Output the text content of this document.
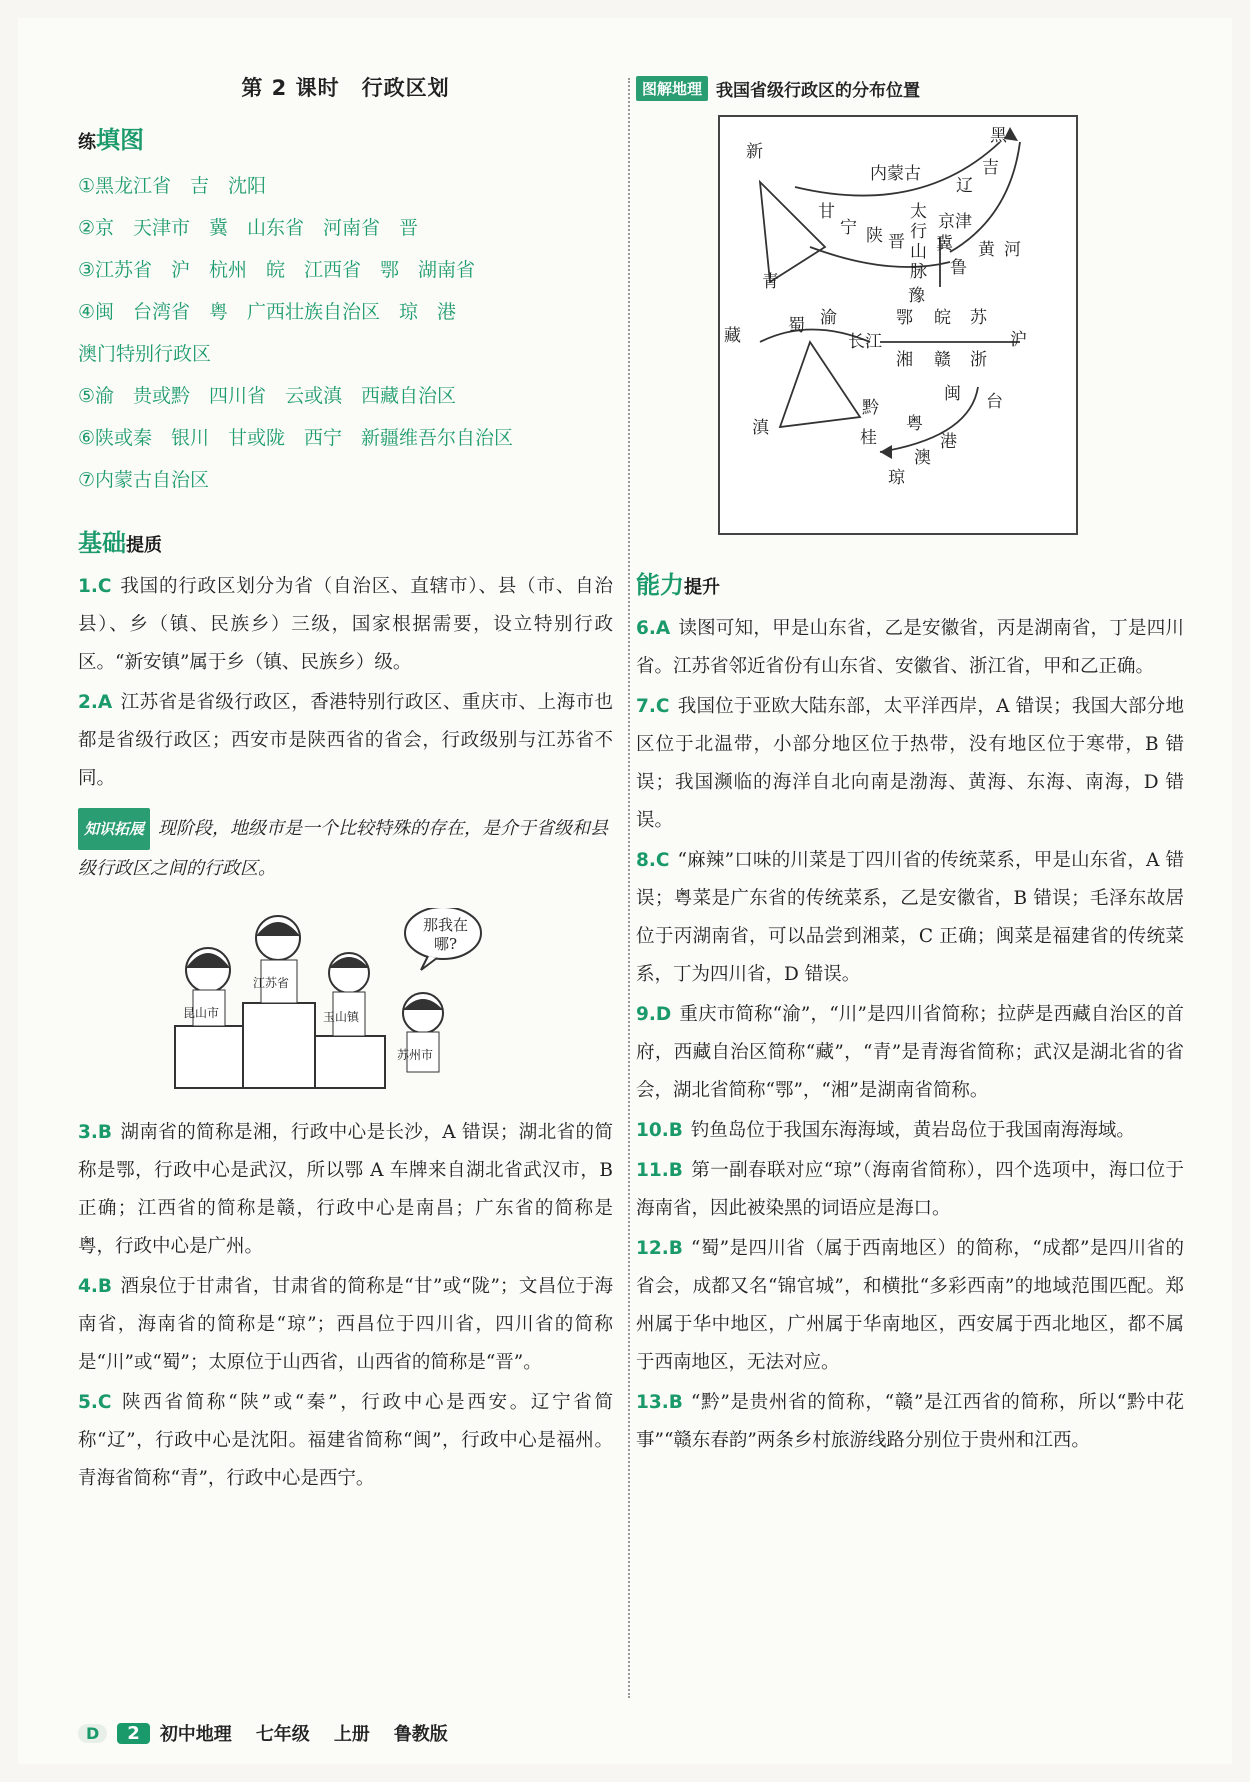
第 2 课时　行政区划
练填图
①黑龙江省　吉　沈阳
②京　天津市　冀　山东省　河南省　晋
③江苏省　沪　杭州　皖　江西省　鄂　湖南省
④闽　台湾省　粤　广西壮族自治区　琼　港
澳门特别行政区
⑤渝　贵或黔　四川省　云或滇　西藏自治区
⑥陕或秦　银川　甘或陇　西宁　新疆维吾尔自治区
⑦内蒙古自治区
基础提质
1.C 我国的行政区划分为省（自治区、直辖市）、县（市、自治县）、乡（镇、民族乡）三级，国家根据需要，设立特别行政区。“新安镇”属于乡（镇、民族乡）级。
2.A 江苏省是省级行政区，香港特别行政区、重庆市、上海市也都是省级行政区；西安市是陕西省的省会，行政级别与江苏省不同。
知识拓展 现阶段，地级市是一个比较特殊的存在，是介于省级和县级行政区之间的行政区。
那我在哪?
昆山市
江苏省
玉山镇
苏州市
3.B 湖南省的简称是湘，行政中心是长沙，A 错误；湖北省的简称是鄂，行政中心是武汉，所以鄂 A 车牌来自湖北省武汉市，B 正确；江西省的简称是赣，行政中心是南昌；广东省的简称是粤，行政中心是广州。
4.B 酒泉位于甘肃省，甘肃省的简称是“甘”或“陇”；文昌位于海南省，海南省的简称是“琼”；西昌位于四川省，四川省的简称是“川”或“蜀”；太原位于山西省，山西省的简称是“晋”。
5.C 陕西省简称“陕”或“秦”，行政中心是西安。辽宁省简称“辽”，行政中心是沈阳。福建省简称“闽”，行政中心是福州。青海省简称“青”，行政中心是西宁。
图解地理 我国省级行政区的分布位置
新
内蒙古
黑
吉
辽
甘
宁 陕 晋
太
行
山
脉
京津
冀 黄 河
鲁
豫
青
藏	蜀 渝	鄂 皖 苏
长江
湘 赣 浙
沪
闽 台
黔
粤
桂	港
澳
琼
滇
能力提升
6.A 读图可知，甲是山东省，乙是安徽省，丙是湖南省，丁是四川省。江苏省邻近省份有山东省、安徽省、浙江省，甲和乙正确。
7.C 我国位于亚欧大陆东部，太平洋西岸，A 错误；我国大部分地区位于北温带，小部分地区位于热带，没有地区位于寒带，B 错误；我国濒临的海洋自北向南是渤海、黄海、东海、南海，D 错误。
8.C “麻辣”口味的川菜是丁四川省的传统菜系，甲是山东省，A 错误；粤菜是广东省的传统菜系，乙是安徽省，B 错误；毛泽东故居位于丙湖南省，可以品尝到湘菜，C 正确；闽菜是福建省的传统菜系，丁为四川省，D 错误。
9.D 重庆市简称“渝”，“川”是四川省简称；拉萨是西藏自治区的首府，西藏自治区简称“藏”，“青”是青海省简称；武汉是湖北省的省会，湖北省简称“鄂”，“湘”是湖南省简称。
10.B 钓鱼岛位于我国东海海域，黄岩岛位于我国南海海域。
11.B 第一副春联对应“琼”（海南省简称），四个选项中，海口位于海南省，因此被染黑的词语应是海口。
12.B “蜀”是四川省（属于西南地区）的简称，“成都”是四川省的省会，成都又名“锦官城”，和横批“多彩西南”的地域范围匹配。郑州属于华中地区，广州属于华南地区，西安属于西北地区，都不属于西南地区，无法对应。
13.B “黔”是贵州省的简称，“赣”是江西省的简称，所以“黔中花事”“赣东春韵”两条乡村旅游线路分别位于贵州和江西。
D	2	初中地理 七年级 上册 鲁教版
